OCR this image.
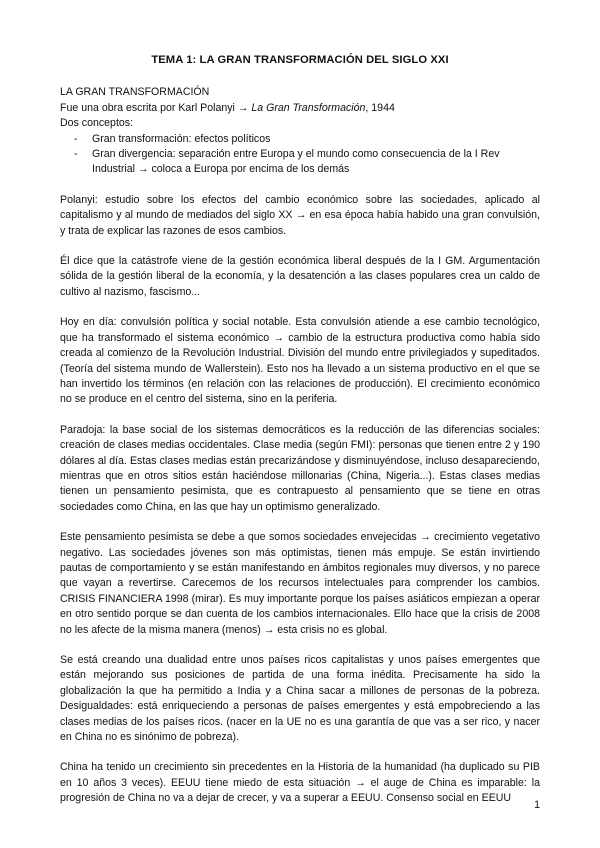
TEMA 1: LA GRAN TRANSFORMACIÓN DEL SIGLO XXI
LA GRAN TRANSFORMACIÓN
Fue una obra escrita por Karl Polanyi → La Gran Transformación, 1944
Dos conceptos:
- Gran transformación: efectos políticos
- Gran divergencia: separación entre Europa y el mundo como consecuencia de la I Rev Industrial → coloca a Europa por encima de los demás

Polanyi: estudio sobre los efectos del cambio económico sobre las sociedades, aplicado al capitalismo y al mundo de mediados del siglo XX → en esa época había habido una gran convulsión, y trata de explicar las razones de esos cambios.

Él dice que la catástrofe viene de la gestión económica liberal después de la I GM. Argumentación sólida de la gestión liberal de la economía, y la desatención a las clases populares crea un caldo de cultivo al nazismo, fascismo...

Hoy en día: convulsión política y social notable. Esta convulsión atiende a ese cambio tecnológico, que ha transformado el sistema económico → cambio de la estructura productiva como había sido creada al comienzo de la Revolución Industrial. División del mundo entre privilegiados y supeditados. (Teoría del sistema mundo de Wallerstein). Esto nos ha llevado a un sistema productivo en el que se han invertido los términos (en relación con las relaciones de producción). El crecimiento económico no se produce en el centro del sistema, sino en la periferia.

Paradoja: la base social de los sistemas democráticos es la reducción de las diferencias sociales: creación de clases medias occidentales. Clase media (según FMI): personas que tienen entre 2 y 190 dólares al día. Estas clases medias están precarizándose y disminuyéndose, incluso desapareciendo, mientras que en otros sitios están haciéndose millonarias (China, Nigeria...). Estas clases medias tienen un pensamiento pesimista, que es contrapuesto al pensamiento que se tiene en otras sociedades como China, en las que hay un optimismo generalizado.

Este pensamiento pesimista se debe a que somos sociedades envejecidas → crecimiento vegetativo negativo. Las sociedades jóvenes son más optimistas, tienen más empuje. Se están invirtiendo pautas de comportamiento y se están manifestando en ámbitos regionales muy diversos, y no parece que vayan a revertirse. Carecemos de los recursos intelectuales para comprender los cambios. CRISIS FINANCIERA 1998 (mirar). Es muy importante porque los países asiáticos empiezan a operar en otro sentido porque se dan cuenta de los cambios internacionales. Ello hace que la crisis de 2008 no les afecte de la misma manera (menos) → esta crisis no es global.

Se está creando una dualidad entre unos países ricos capitalistas y unos países emergentes que están mejorando sus posiciones de partida de una forma inédita. Precisamente ha sido la globalización la que ha permitido a India y a China sacar a millones de personas de la pobreza. Desigualdades: está enriqueciendo a personas de países emergentes y está empobreciendo a las clases medias de los países ricos. (nacer en la UE no es una garantía de que vas a ser rico, y nacer en China no es sinónimo de pobreza).

China ha tenido un crecimiento sin precedentes en la Historia de la humanidad (ha duplicado su PIB en 10 años 3 veces). EEUU tiene miedo de esta situación → el auge de China es imparable: la progresión de China no va a dejar de crecer, y va a superar a EEUU. Consenso social en EEUU

1
